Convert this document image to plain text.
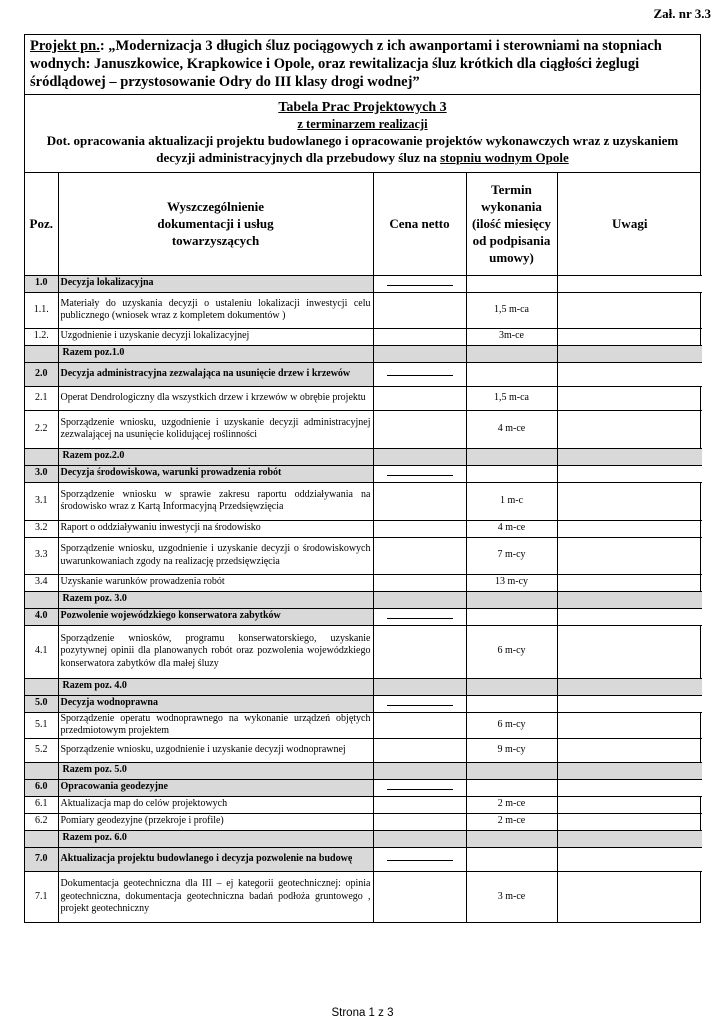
Zał. nr 3.3
Projekt pn.: „Modernizacja 3 długich śluz pociągowych z ich awanportami i sterowniami na stopniach wodnych: Januszkowice, Krapkowice i Opole, oraz rewitalizacja śluz krótkich dla ciągłości żeglugi śródlądowej – przystosowanie Odry do III klasy drogi wodnej”
Tabela Prac Projektowych 3
z terminarzem realizacji
Dot. opracowania aktualizacji projektu budowlanego i opracowanie projektów wykonawczych wraz z uzyskaniem decyzji administracyjnych dla przebudowy śluz na stopniu wodnym Opole
Poz.	Wyszczególnienie dokumentacji i usług towarzyszących	Cena netto	Termin wykonania (ilość miesięcy od podpisania umowy)	Uwagi
1.0	Decyzja lokalizacyjna			
1.1.	Materiały do uzyskania decyzji o ustaleniu lokalizacji inwestycji celu publicznego (wniosek wraz z kompletem dokumentów )		1,5 m-ca	
1.2.	Uzgodnienie i uzyskanie decyzji lokalizacyjnej		3m-ce	
	Razem poz.1.0			
2.0	Decyzja administracyjna zezwalająca na usunięcie drzew i krzewów			
2.1	Operat Dendrologiczny dla wszystkich drzew i krzewów w obrębie projektu		1,5 m-ca	
2.2	Sporządzenie wniosku, uzgodnienie i uzyskanie decyzji administracyjnej zezwalającej na usunięcie kolidującej roślinności		4 m-ce	
	Razem poz.2.0			
3.0	Decyzja środowiskowa, warunki prowadzenia robót			
3.1	Sporządzenie wniosku w sprawie zakresu raportu oddziaływania na środowisko wraz z Kartą Informacyjną Przedsięwzięcia		1 m-c	
3.2	Raport o oddziaływaniu inwestycji na środowisko		4 m-ce	
3.3	Sporządzenie wniosku, uzgodnienie i uzyskanie decyzji o środowiskowych uwarunkowaniach zgody na realizację przedsięwzięcia		7 m-cy	
3.4	Uzyskanie warunków prowadzenia robót		13 m-cy	
	Razem poz. 3.0			
4.0	Pozwolenie wojewódzkiego konserwatora zabytków			
4.1	Sporządzenie wniosków, programu konserwatorskiego, uzyskanie pozytywnej opinii dla planowanych robót oraz pozwolenia wojewódzkiego konserwatora zabytków dla małej śluzy		6 m-cy	
	Razem poz. 4.0			
5.0	Decyzja wodnoprawna			
5.1	Sporządzenie operatu wodnoprawnego na wykonanie urządzeń objętych przedmiotowym projektem		6 m-cy	
5.2	Sporządzenie wniosku, uzgodnienie i uzyskanie decyzji wodnoprawnej		9 m-cy	
	Razem poz. 5.0			
6.0	Opracowania geodezyjne			
6.1	Aktualizacja map do celów projektowych		2 m-ce	
6.2	Pomiary geodezyjne (przekroje i profile)		2 m-ce	
	Razem poz. 6.0			
7.0	Aktualizacja projektu budowlanego i decyzja pozwolenie na budowę			
7.1	Dokumentacja geotechniczna dla III – ej kategorii geotechnicznej: opinia geotechniczna, dokumentacja geotechniczna badań podłoża gruntowego , projekt geotechniczny		3 m-ce	
Strona 1 z 3
